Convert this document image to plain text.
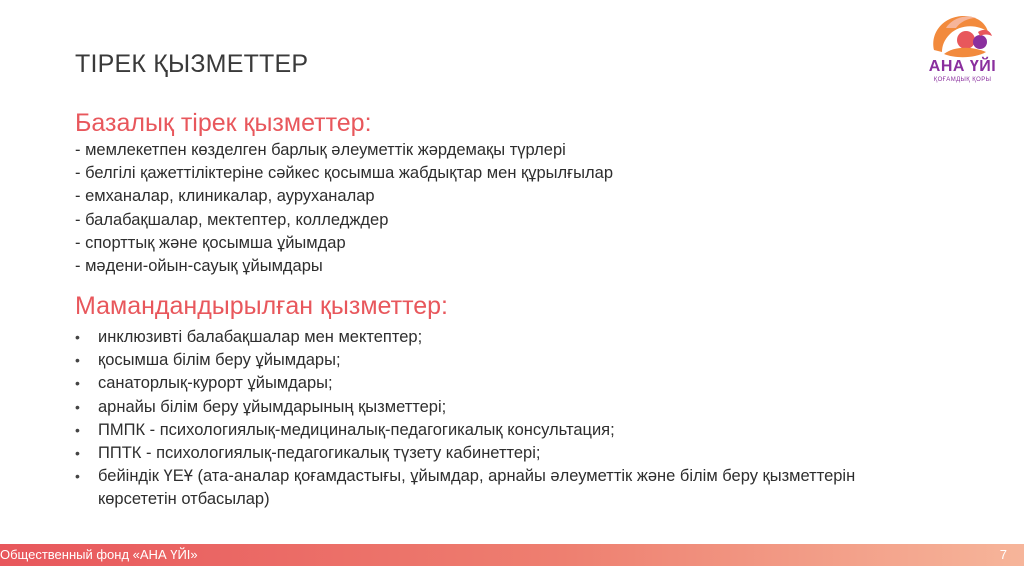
ТІРЕК ҚЫЗМЕТТЕР	АНА ҮЙІ
ҚОҒАМДЫҚ ҚОРЫ
Базалық тірек қызметтер:
- мемлекетпен көзделген барлық әлеуметтік жәрдемақы түрлері
- белгілі қажеттіліктеріне сәйкес қосымша жабдықтар мен құрылғылар
- емханалар, клиникалар, ауруханалар
- балабақшалар, мектептер, колледждер
- спорттық және қосымша ұйымдар
- мәдени-ойын-сауық ұйымдары
Мамандандырылған қызметтер:
• инклюзивті балабақшалар мен мектептер;
• қосымша білім беру ұйымдары;
• санаторлық-курорт ұйымдары;
• арнайы білім беру ұйымдарының қызметтері;
• ПМПК - психологиялық-медициналық-педагогикалық консультация;
• ППТК - психологиялық-педагогикалық түзету кабинеттері;
• бейіндік ҮЕҰ (ата-аналар қоғамдастығы, ұйымдар, арнайы әлеуметтік және білім беру қызметтерін көрсететін отбасылар)
Общественный фонд «АНА ҮЙІ»	7
